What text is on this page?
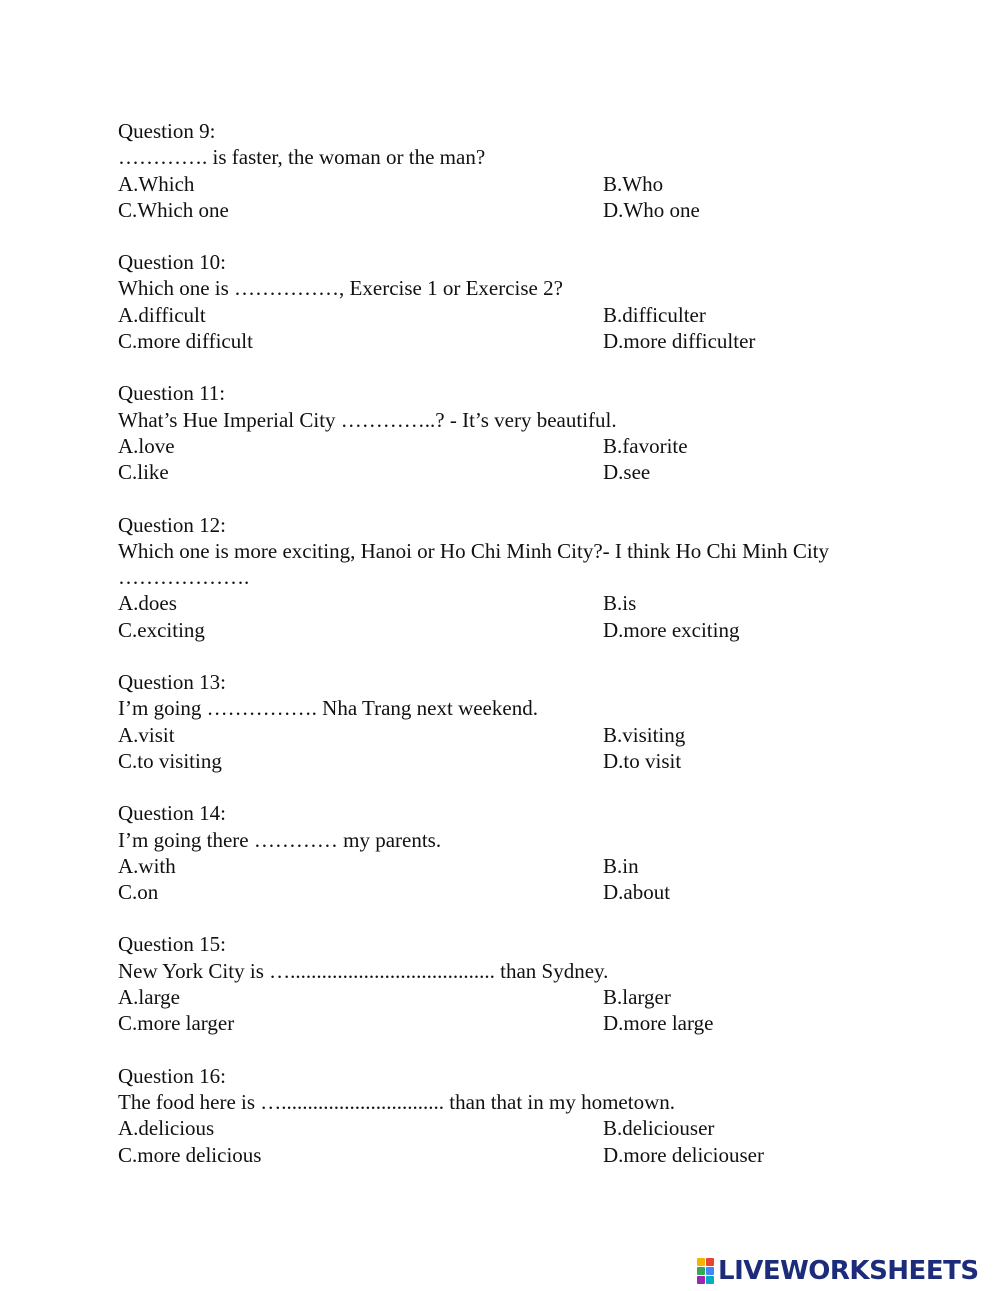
Question 9:
…………. is faster, the woman or the man?
A.Which	B.Who
C.Which one	D.Who one
Question 10:
Which one is ……………, Exercise 1 or Exercise 2?
A.difficult	B.difficulter
C.more difficult	D.more difficulter
Question 11:
What’s Hue Imperial City …………..? - It’s very beautiful.
A.love	B.favorite
C.like	D.see
Question 12:
Which one is more exciting, Hanoi or Ho Chi Minh City?- I think Ho Chi Minh City ……………….
A.does	B.is
C.exciting	D.more exciting
Question 13:
I’m going ……………. Nha Trang next weekend.
A.visit	B.visiting
C.to visiting	D.to visit
Question 14:
I’m going there ………… my parents.
A.with	B.in
C.on	D.about
Question 15:
New York City is …....................................... than Sydney.
A.large	B.larger
C.more larger	D.more large
Question 16:
The food here is …............................... than that in my hometown.
A.delicious	B.deliciouser
C.more delicious	D.more deliciouser
LIVEWORKSHEETS
